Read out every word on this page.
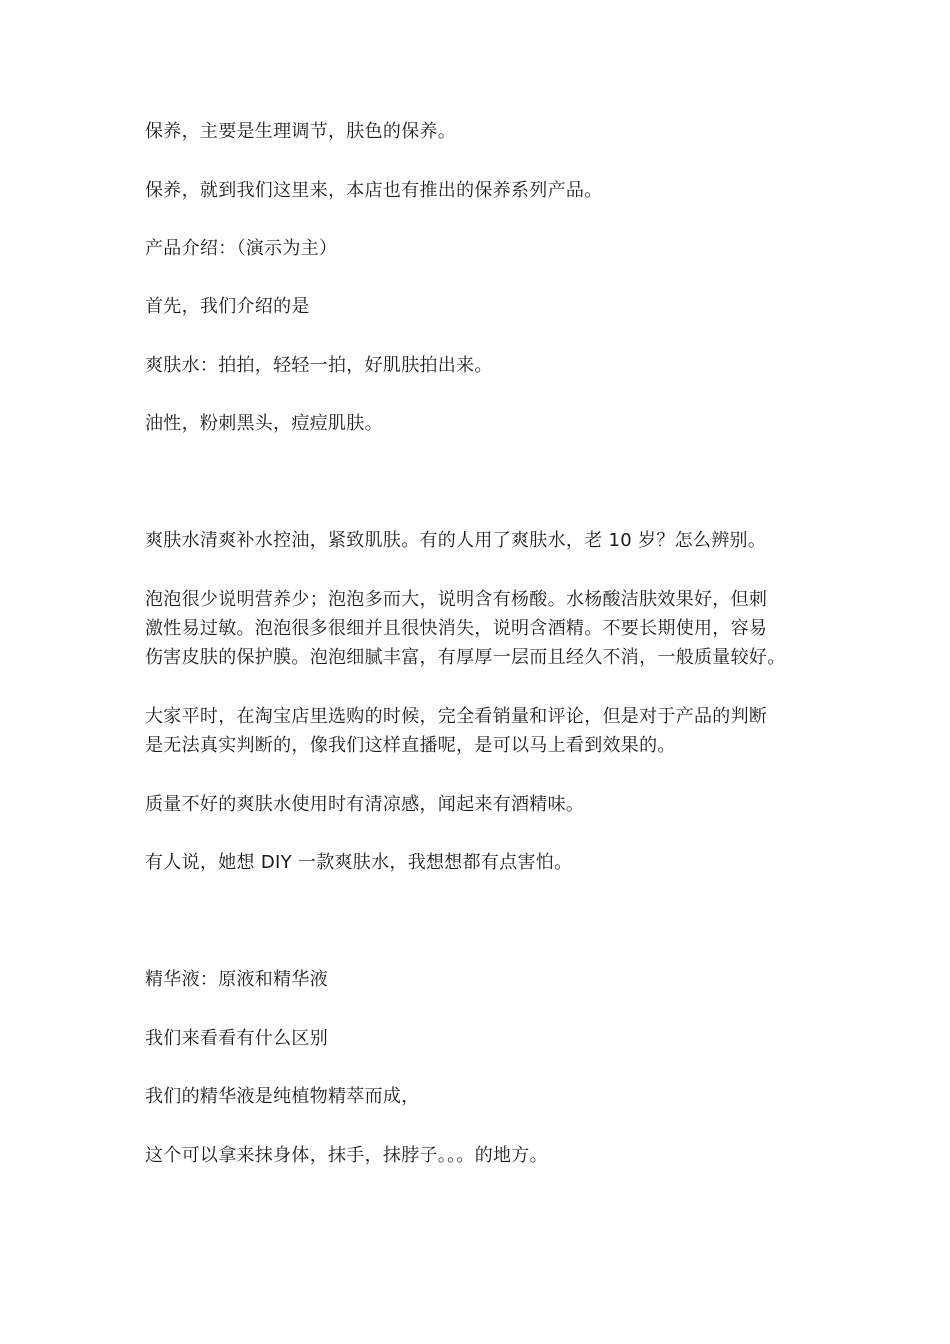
保养，主要是生理调节，肤色的保养。

保养，就到我们这里来，本店也有推出的保养系列产品。

产品介绍：（演示为主）

首先，我们介绍的是

爽肤水：拍拍，轻轻一拍，好肌肤拍出来。

油性，粉刺黑头，痘痘肌肤。

爽肤水清爽补水控油，紧致肌肤。有的人用了爽肤水，老 10 岁？怎么辨别。

泡泡很少说明营养少；泡泡多而大，说明含有杨酸。水杨酸洁肤效果好，但刺
激性易过敏。泡泡很多很细并且很快消失，说明含酒精。不要长期使用，容易
伤害皮肤的保护膜。泡泡细腻丰富，有厚厚一层而且经久不消，一般质量较好。

大家平时，在淘宝店里选购的时候，完全看销量和评论，但是对于产品的判断
是无法真实判断的，像我们这样直播呢，是可以马上看到效果的。

质量不好的爽肤水使用时有清凉感，闻起来有酒精味。

有人说，她想 DIY 一款爽肤水，我想想都有点害怕。

精华液：原液和精华液

我们来看看有什么区别

我们的精华液是纯植物精萃而成，

这个可以拿来抹身体，抹手，抹脖子。。。的地方。
